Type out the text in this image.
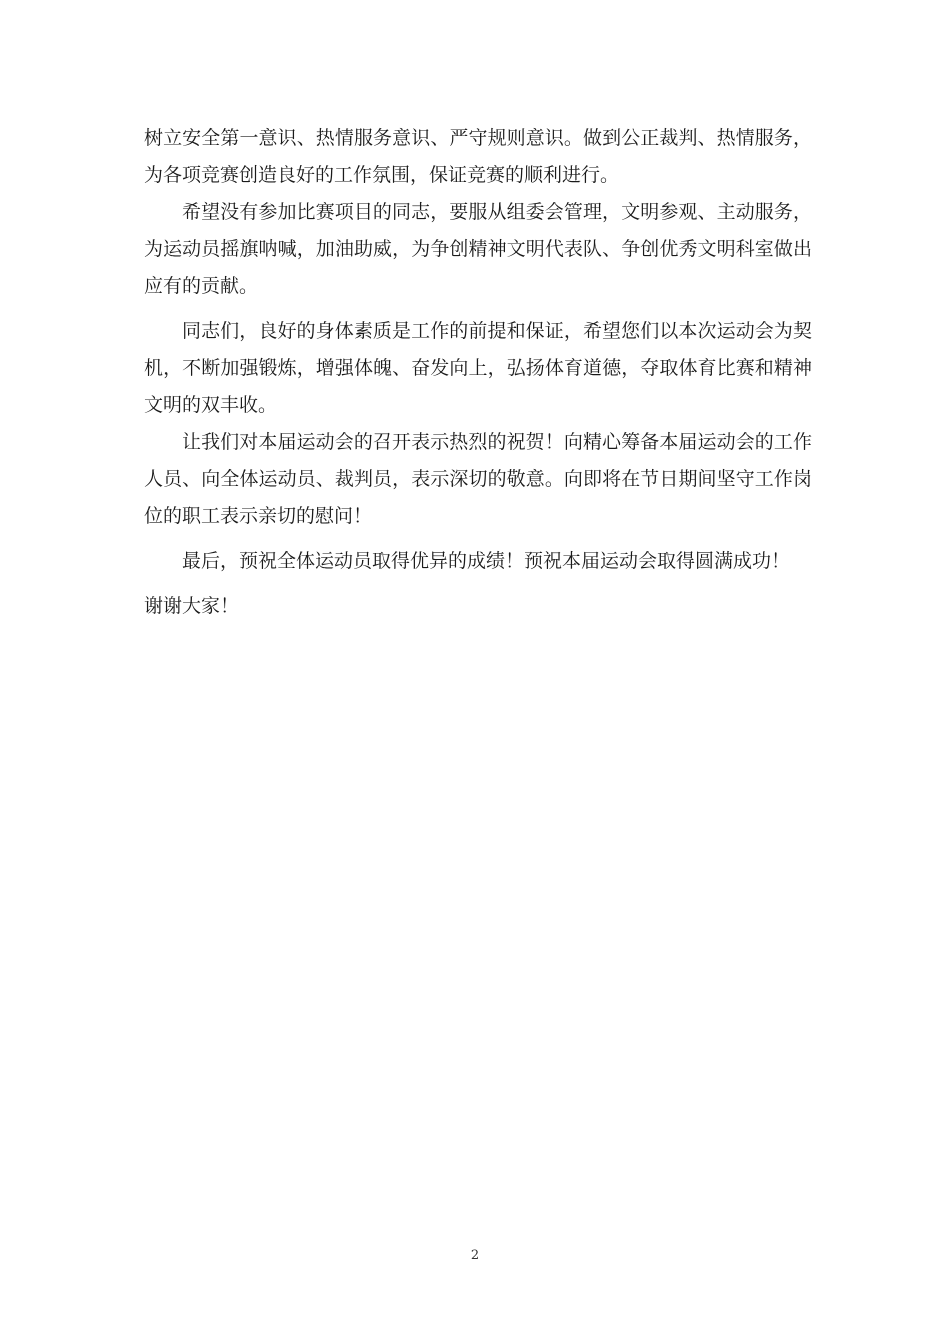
树立安全第一意识、热情服务意识、严守规则意识。做到公正裁判、热情服务，为各项竞赛创造良好的工作氛围，保证竞赛的顺利进行。

希望没有参加比赛项目的同志，要服从组委会管理，文明参观、主动服务，为运动员摇旗呐喊，加油助威，为争创精神文明代表队、争创优秀文明科室做出应有的贡献。

同志们，良好的身体素质是工作的前提和保证，希望您们以本次运动会为契机，不断加强锻炼，增强体魄、奋发向上，弘扬体育道德，夺取体育比赛和精神文明的双丰收。

让我们对本届运动会的召开表示热烈的祝贺！向精心筹备本届运动会的工作人员、向全体运动员、裁判员，表示深切的敬意。向即将在节日期间坚守工作岗位的职工表示亲切的慰问！

最后，预祝全体运动员取得优异的成绩！预祝本届运动会取得圆满成功！

谢谢大家！

2
